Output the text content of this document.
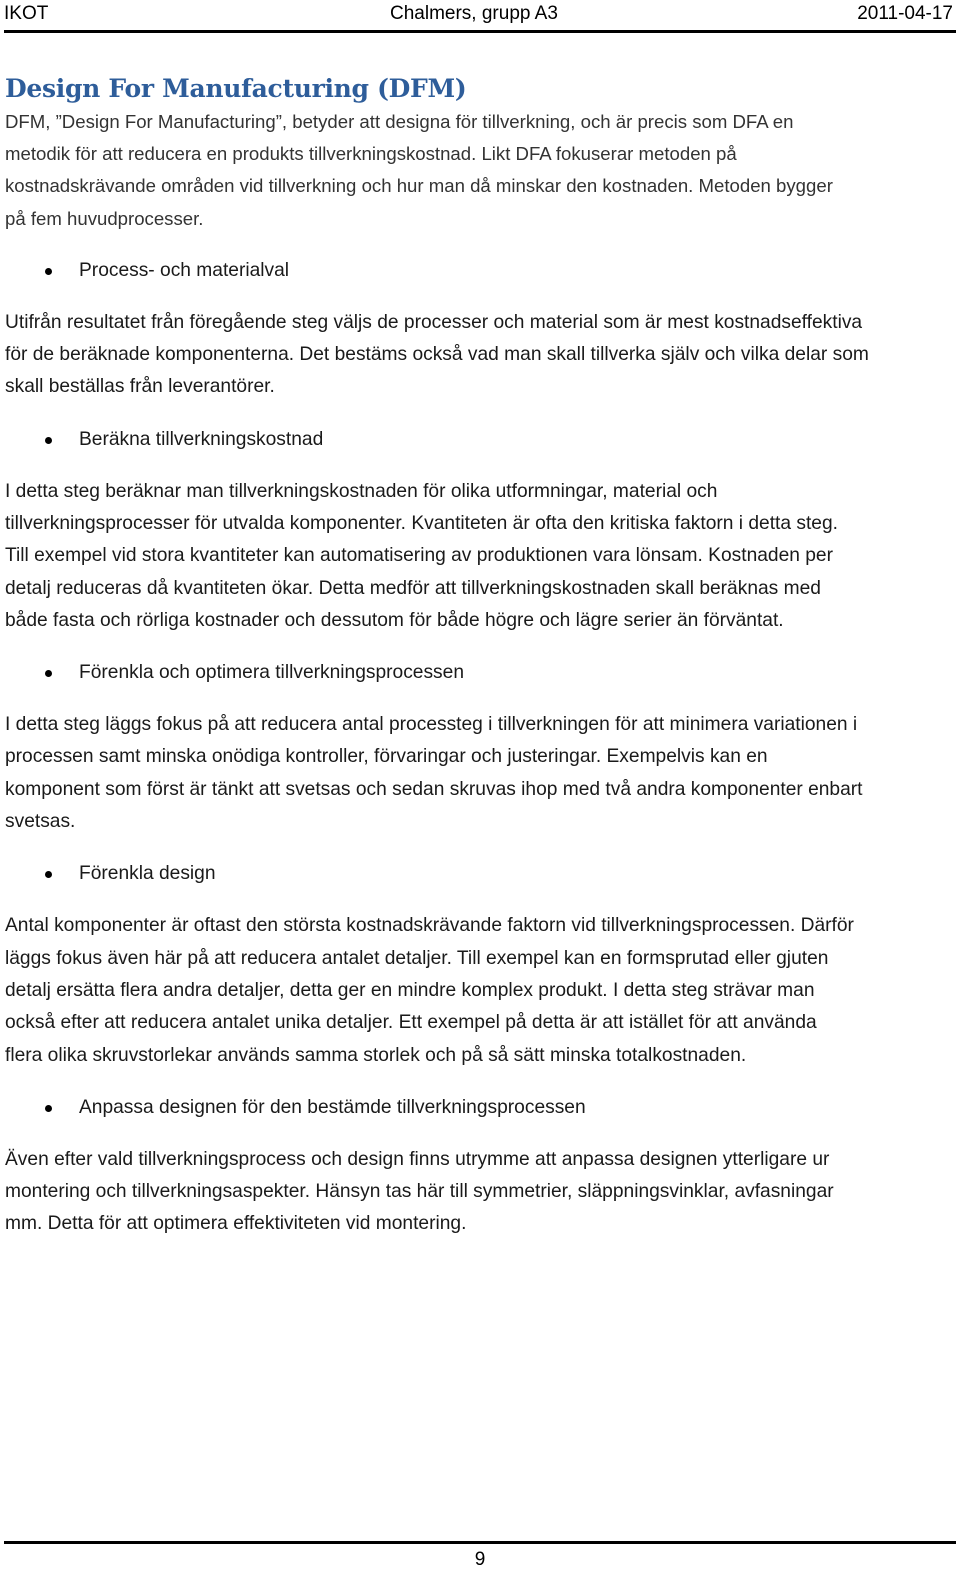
IKOT	Chalmers, grupp A3	2011-04-17
Design For Manufacturing (DFM)

DFM, ”Design For Manufacturing”, betyder att designa för tillverkning, och är precis som DFA en
metodik för att reducera en produkts tillverkningskostnad. Likt DFA fokuserar metoden på
kostnadskrävande områden vid tillverkning och hur man då minskar den kostnaden. Metoden bygger
på fem huvudprocesser.

Process- och materialval

Utifrån resultatet från föregående steg väljs de processer och material som är mest kostnadseffektiva
för de beräknade komponenterna. Det bestäms också vad man skall tillverka själv och vilka delar som
skall beställas från leverantörer.

Beräkna tillverkningskostnad

I detta steg beräknar man tillverkningskostnaden för olika utformningar, material och
tillverkningsprocesser för utvalda komponenter. Kvantiteten är ofta den kritiska faktorn i detta steg.
Till exempel vid stora kvantiteter kan automatisering av produktionen vara lönsam. Kostnaden per
detalj reduceras då kvantiteten ökar. Detta medför att tillverkningskostnaden skall beräknas med
både fasta och rörliga kostnader och dessutom för både högre och lägre serier än förväntat.

Förenkla och optimera tillverkningsprocessen

I detta steg läggs fokus på att reducera antal processteg i tillverkningen för att minimera variationen i
processen samt minska onödiga kontroller, förvaringar och justeringar. Exempelvis kan en
komponent som först är tänkt att svetsas och sedan skruvas ihop med två andra komponenter enbart
svetsas.

Förenkla design

Antal komponenter är oftast den största kostnadskrävande faktorn vid tillverkningsprocessen. Därför
läggs fokus även här på att reducera antalet detaljer. Till exempel kan en formsprutad eller gjuten
detalj ersätta flera andra detaljer, detta ger en mindre komplex produkt. I detta steg strävar man
också efter att reducera antalet unika detaljer. Ett exempel på detta är att istället för att använda
flera olika skruvstorlekar används samma storlek och på så sätt minska totalkostnaden.

Anpassa designen för den bestämde tillverkningsprocessen

Även efter vald tillverkningsprocess och design finns utrymme att anpassa designen ytterligare ur
montering och tillverkningsaspekter. Hänsyn tas här till symmetrier, släppningsvinklar, avfasningar
mm. Detta för att optimera effektiviteten vid montering.

9
